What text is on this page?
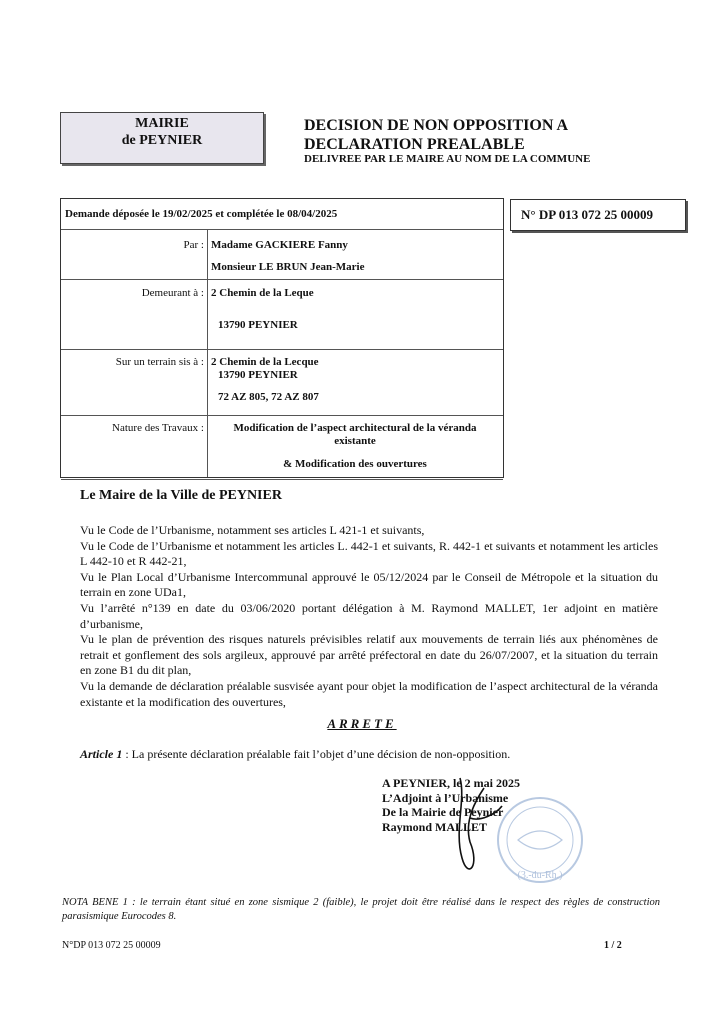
MAIRIE
de PEYNIER
DECISION DE NON OPPOSITION A
DECLARATION PREALABLE
DELIVREE PAR LE MAIRE AU NOM DE LA COMMUNE
N° DP 013 072 25 00009
Demande déposée le 19/02/2025 et complétée le 08/04/2025
Par : Madame GACKIERE Fanny
Monsieur LE BRUN Jean-Marie
Demeurant à : 2 Chemin de la Leque
13790 PEYNIER
Sur un terrain sis à : 2 Chemin de la Lecque
13790 PEYNIER
72 AZ 805, 72 AZ 807
Nature des Travaux :	Modification de l’aspect architectural de la véranda
existante
& Modification des ouvertures
Le Maire de la Ville de PEYNIER

Vu le Code de l’Urbanisme, notamment ses articles L 421-1 et suivants,

Vu le Code de l’Urbanisme et notamment les articles L. 442-1 et suivants, R. 442-1 et suivants et notamment les articles L 442-10 et R 442-21,

Vu le Plan Local d’Urbanisme Intercommunal approuvé le 05/12/2024 par le Conseil de Métropole et la situation du terrain en zone UDa1,

Vu l’arrêté n°139 en date du 03/06/2020 portant délégation à M. Raymond MALLET, 1er adjoint en matière d’urbanisme,

Vu le plan de prévention des risques naturels prévisibles relatif aux mouvements de terrain liés aux phénomènes de retrait et gonflement des sols argileux, approuvé par arrêté préfectoral en date du 26/07/2007, et la situation du terrain en zone B1 du dit plan,

Vu la demande de déclaration préalable susvisée ayant pour objet la modification de l’aspect architectural de la véranda existante et la modification des ouvertures,

ARRETE
Article 1 : La présente déclaration préalable fait l’objet d’une décision de non-opposition.
(3.-du-Rh.)
A PEYNIER, le 2 mai 2025
L’Adjoint à l’Urbanisme
De la Mairie de Peynier
Raymond MALLET
NOTA BENE 1 : le terrain étant situé en zone sismique 2 (faible), le projet doit être réalisé dans le respect des règles de construction parasismique Eurocodes 8.
N°DP 013 072 25 00009	1 / 2
